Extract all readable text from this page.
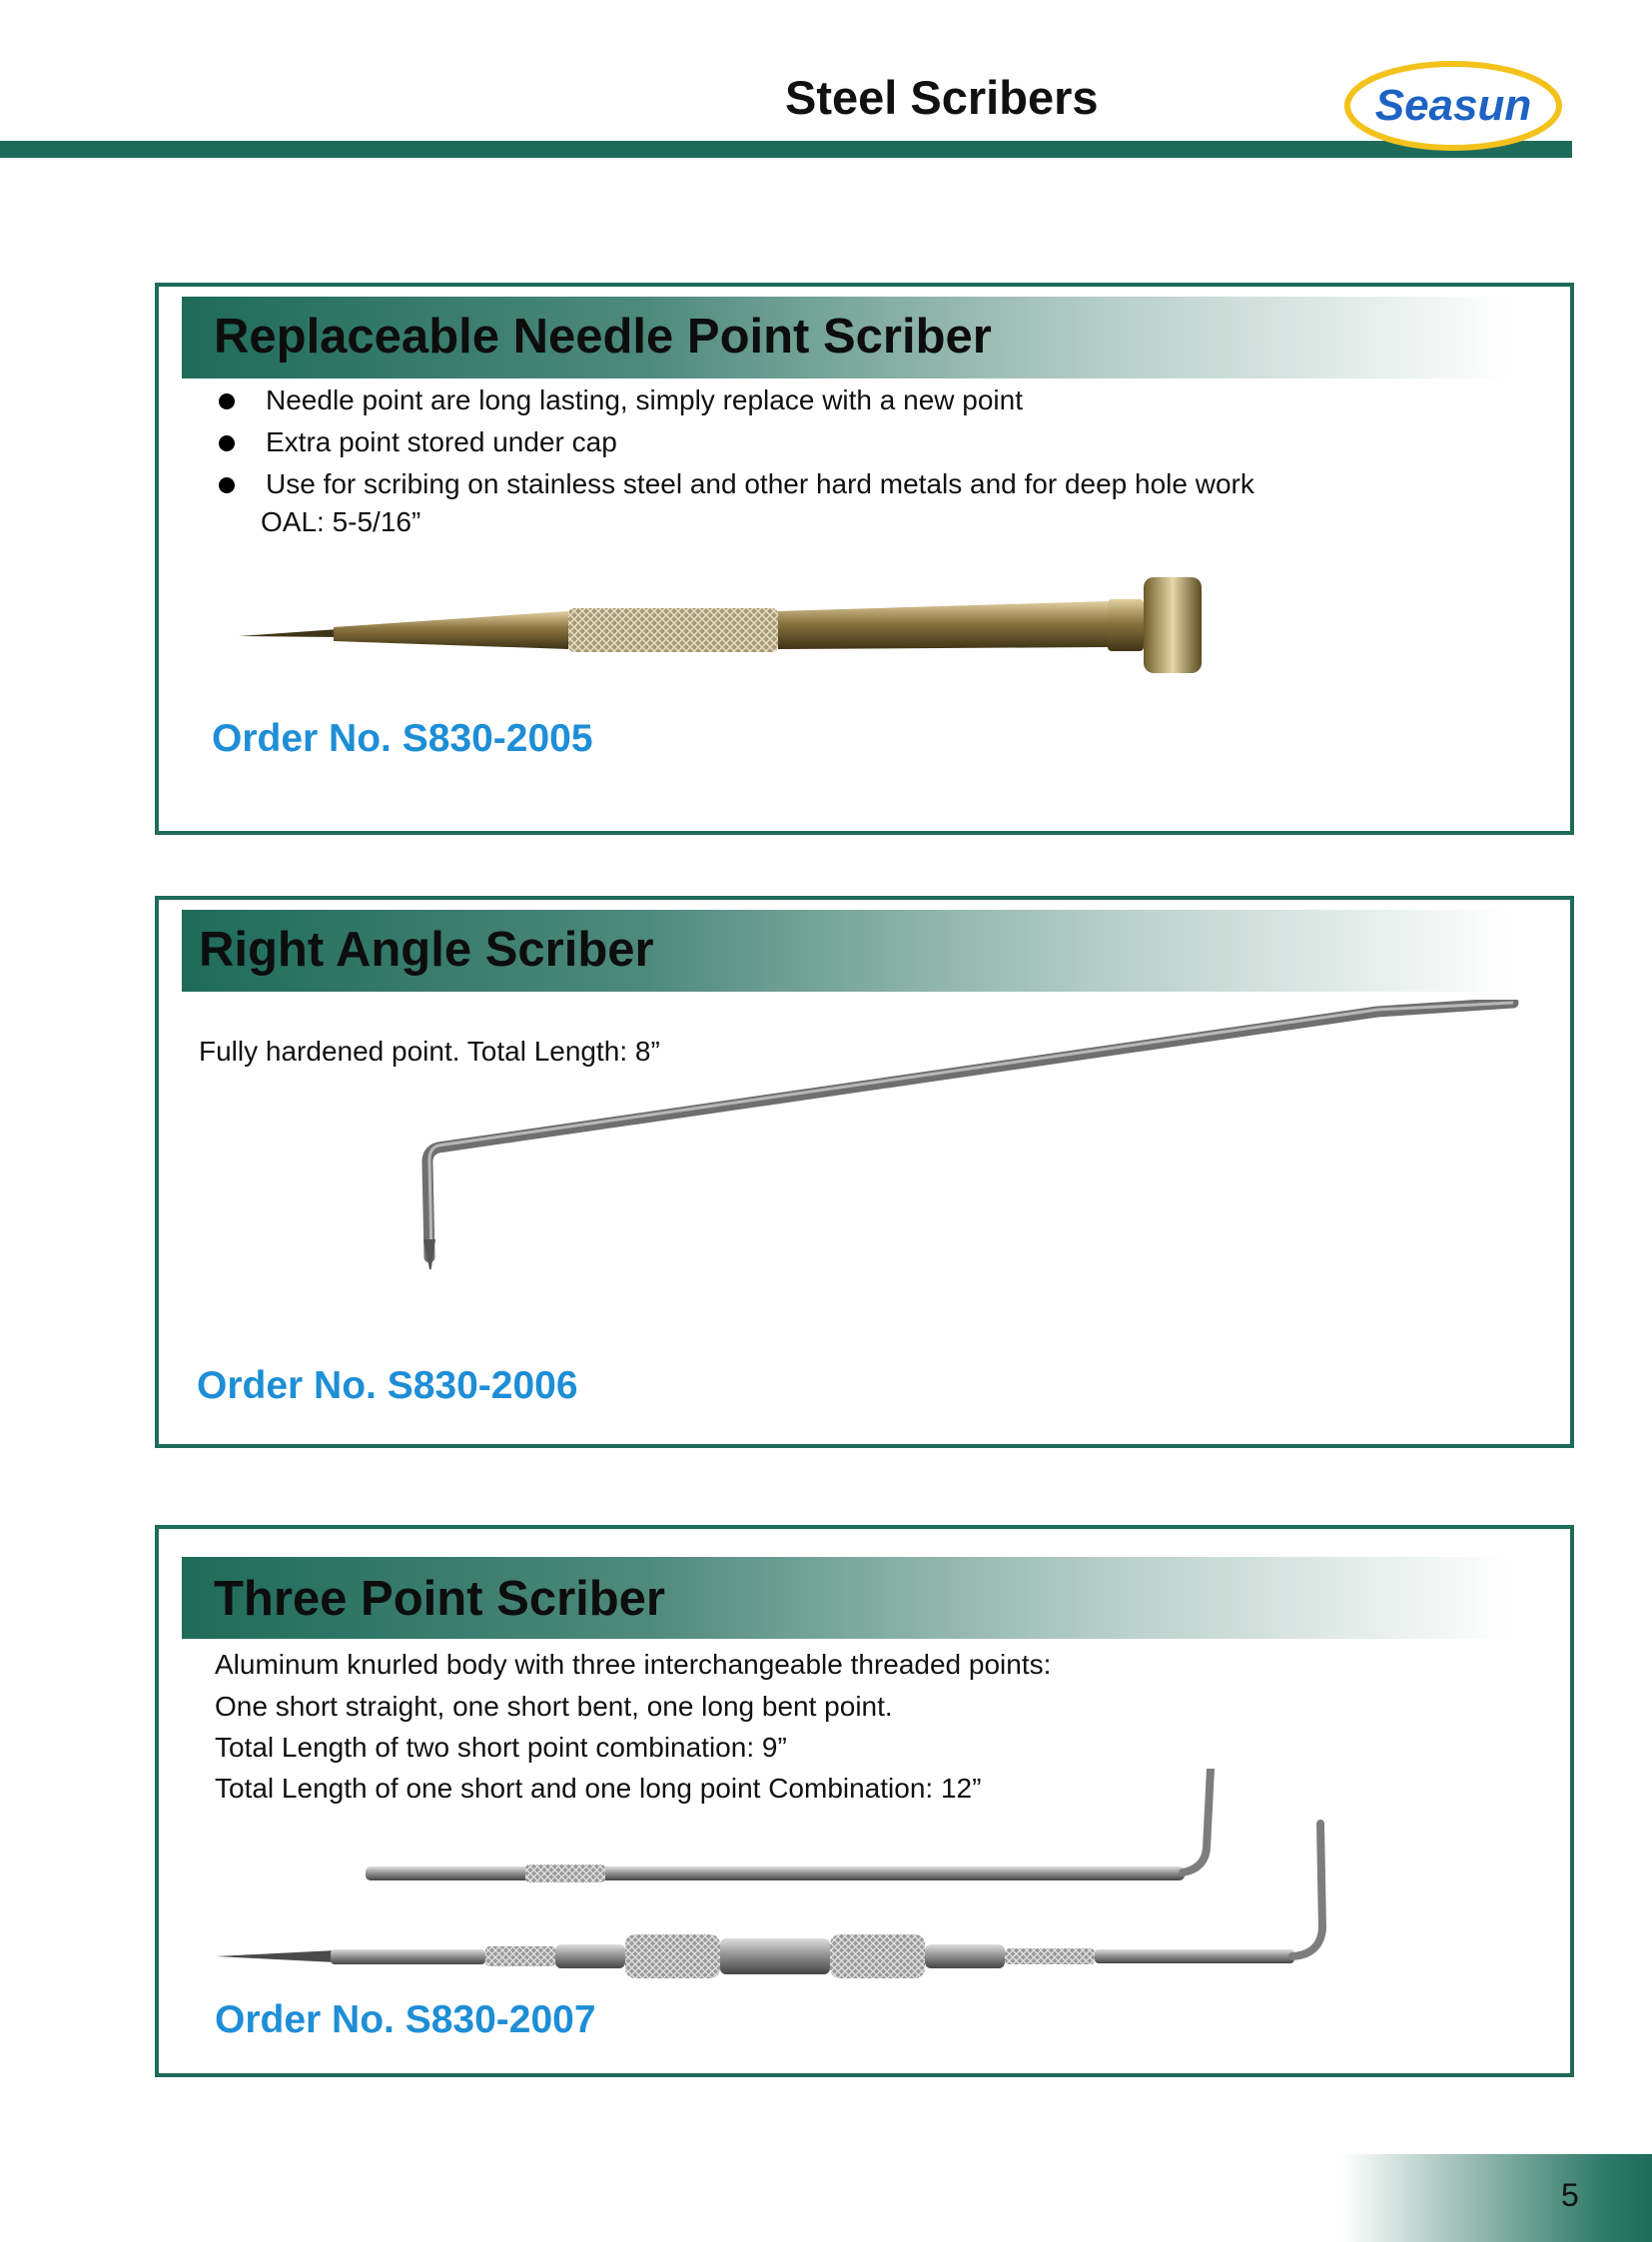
Steel Scribers	Seasun
Replaceable Needle Point Scriber
Needle point are long lasting, simply replace with a new point
Extra point stored under cap
Use for scribing on stainless steel and other hard metals and for deep hole work
OAL: 5-5/16”
Order No. S830-2005
Right Angle Scriber
Fully hardened point. Total Length: 8”
Order No. S830-2006
Three Point Scriber
Aluminum knurled body with three interchangeable threaded points:
One short straight, one short bent, one long bent point.
Total Length of two short point combination: 9”
Total Length of one short and one long point Combination: 12”
Order No. S830-2007
5
